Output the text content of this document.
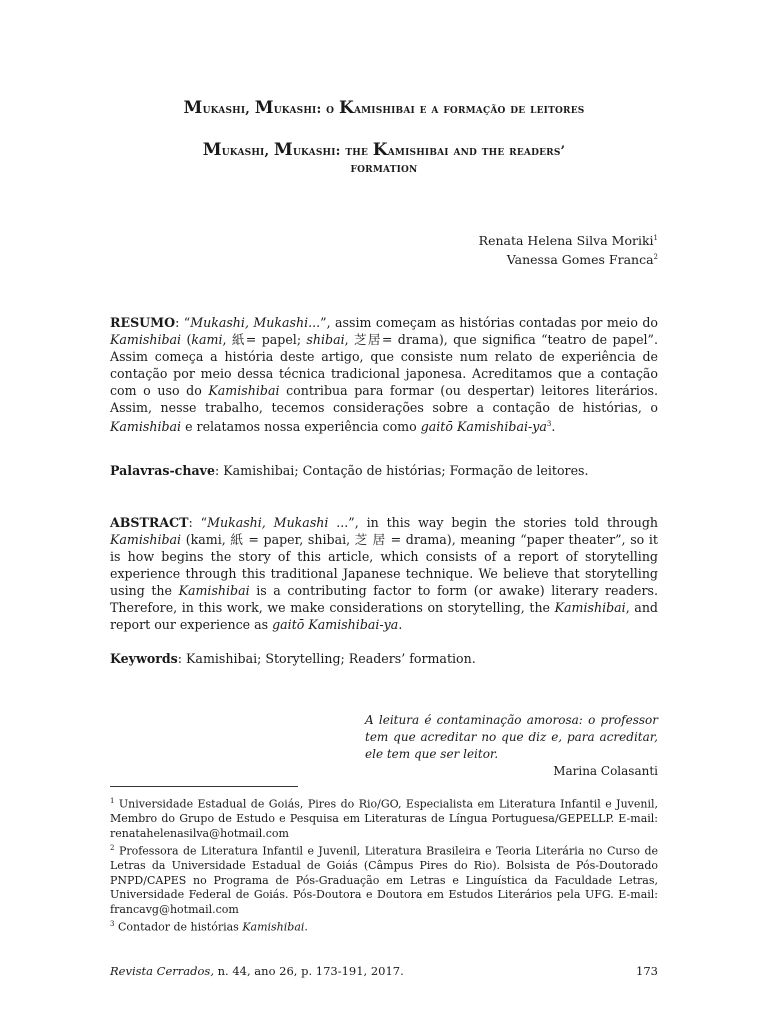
Mukashi, Mukashi: o Kamishibai e a formação de leitores
Mukashi, Mukashi: the Kamishibai and the readers’
formation
Renata Helena Silva Moriki$^1$
Vanessa Gomes Franca$^2$
RESUMO: “Mukashi, Mukashi...”, assim começam as histórias contadas por meio do Kamishibai (kami, 紙= papel; shibai, 芝居= drama), que significa “teatro de papel”. Assim começa a história deste artigo, que consiste num relato de experiência de contação por meio dessa técnica tradicional japonesa. Acreditamos que a contação com o uso do Kamishibai contribua para formar (ou despertar) leitores literários. Assim, nesse trabalho, tecemos considerações sobre a contação de histórias, o Kamishibai e relatamos nossa experiência como gaitō Kamishibai-$ya^3$.
Palavras-chave: Kamishibai; Contação de histórias; Formação de leitores.
ABSTRACT: “Mukashi, Mukashi ...”, in this way begin the stories told through Kamishibai (kami, 紙 = paper, shibai, 芝 居 = drama), meaning “paper theater”, so it is how begins the story of this article, which consists of a report of storytelling experience through this traditional Japanese technique. We believe that storytelling using the Kamishibai is a contributing factor to form (or awake) literary readers. Therefore, in this work, we make considerations on storytelling, the Kamishibai, and report our experience as gaitō Kamishibai-ya.
Keywords: Kamishibai; Storytelling; Readers’ formation.
A leitura é contaminação amorosa: o professor tem que acreditar no que diz e, para acreditar, ele tem que ser leitor.
Marina Colasanti

$^1$ Universidade Estadual de Goiás, Pires do Rio/GO, Especialista em Literatura Infantil e Juvenil, Membro do Grupo de Estudo e Pesquisa em Literaturas de Língua Portuguesa/GEPELLP. E-mail: renatahelenasilva@hotmail.com

$^2$ Professora de Literatura Infantil e Juvenil, Literatura Brasileira e Teoria Literária no Curso de Letras da Universidade Estadual de Goiás (Câmpus Pires do Rio). Bolsista de Pós-Doutorado PNPD/CAPES no Programa de Pós-Graduação em Letras e Linguística da Faculdade Letras, Universidade Federal de Goiás. Pós-Doutora e Doutora em Estudos Literários pela UFG. E-mail: francavg@hotmail.com

$^3$ Contador de histórias Kamishibai.

Revista Cerrados, n. 44, ano 26, p. 173-191, 2017.	173
